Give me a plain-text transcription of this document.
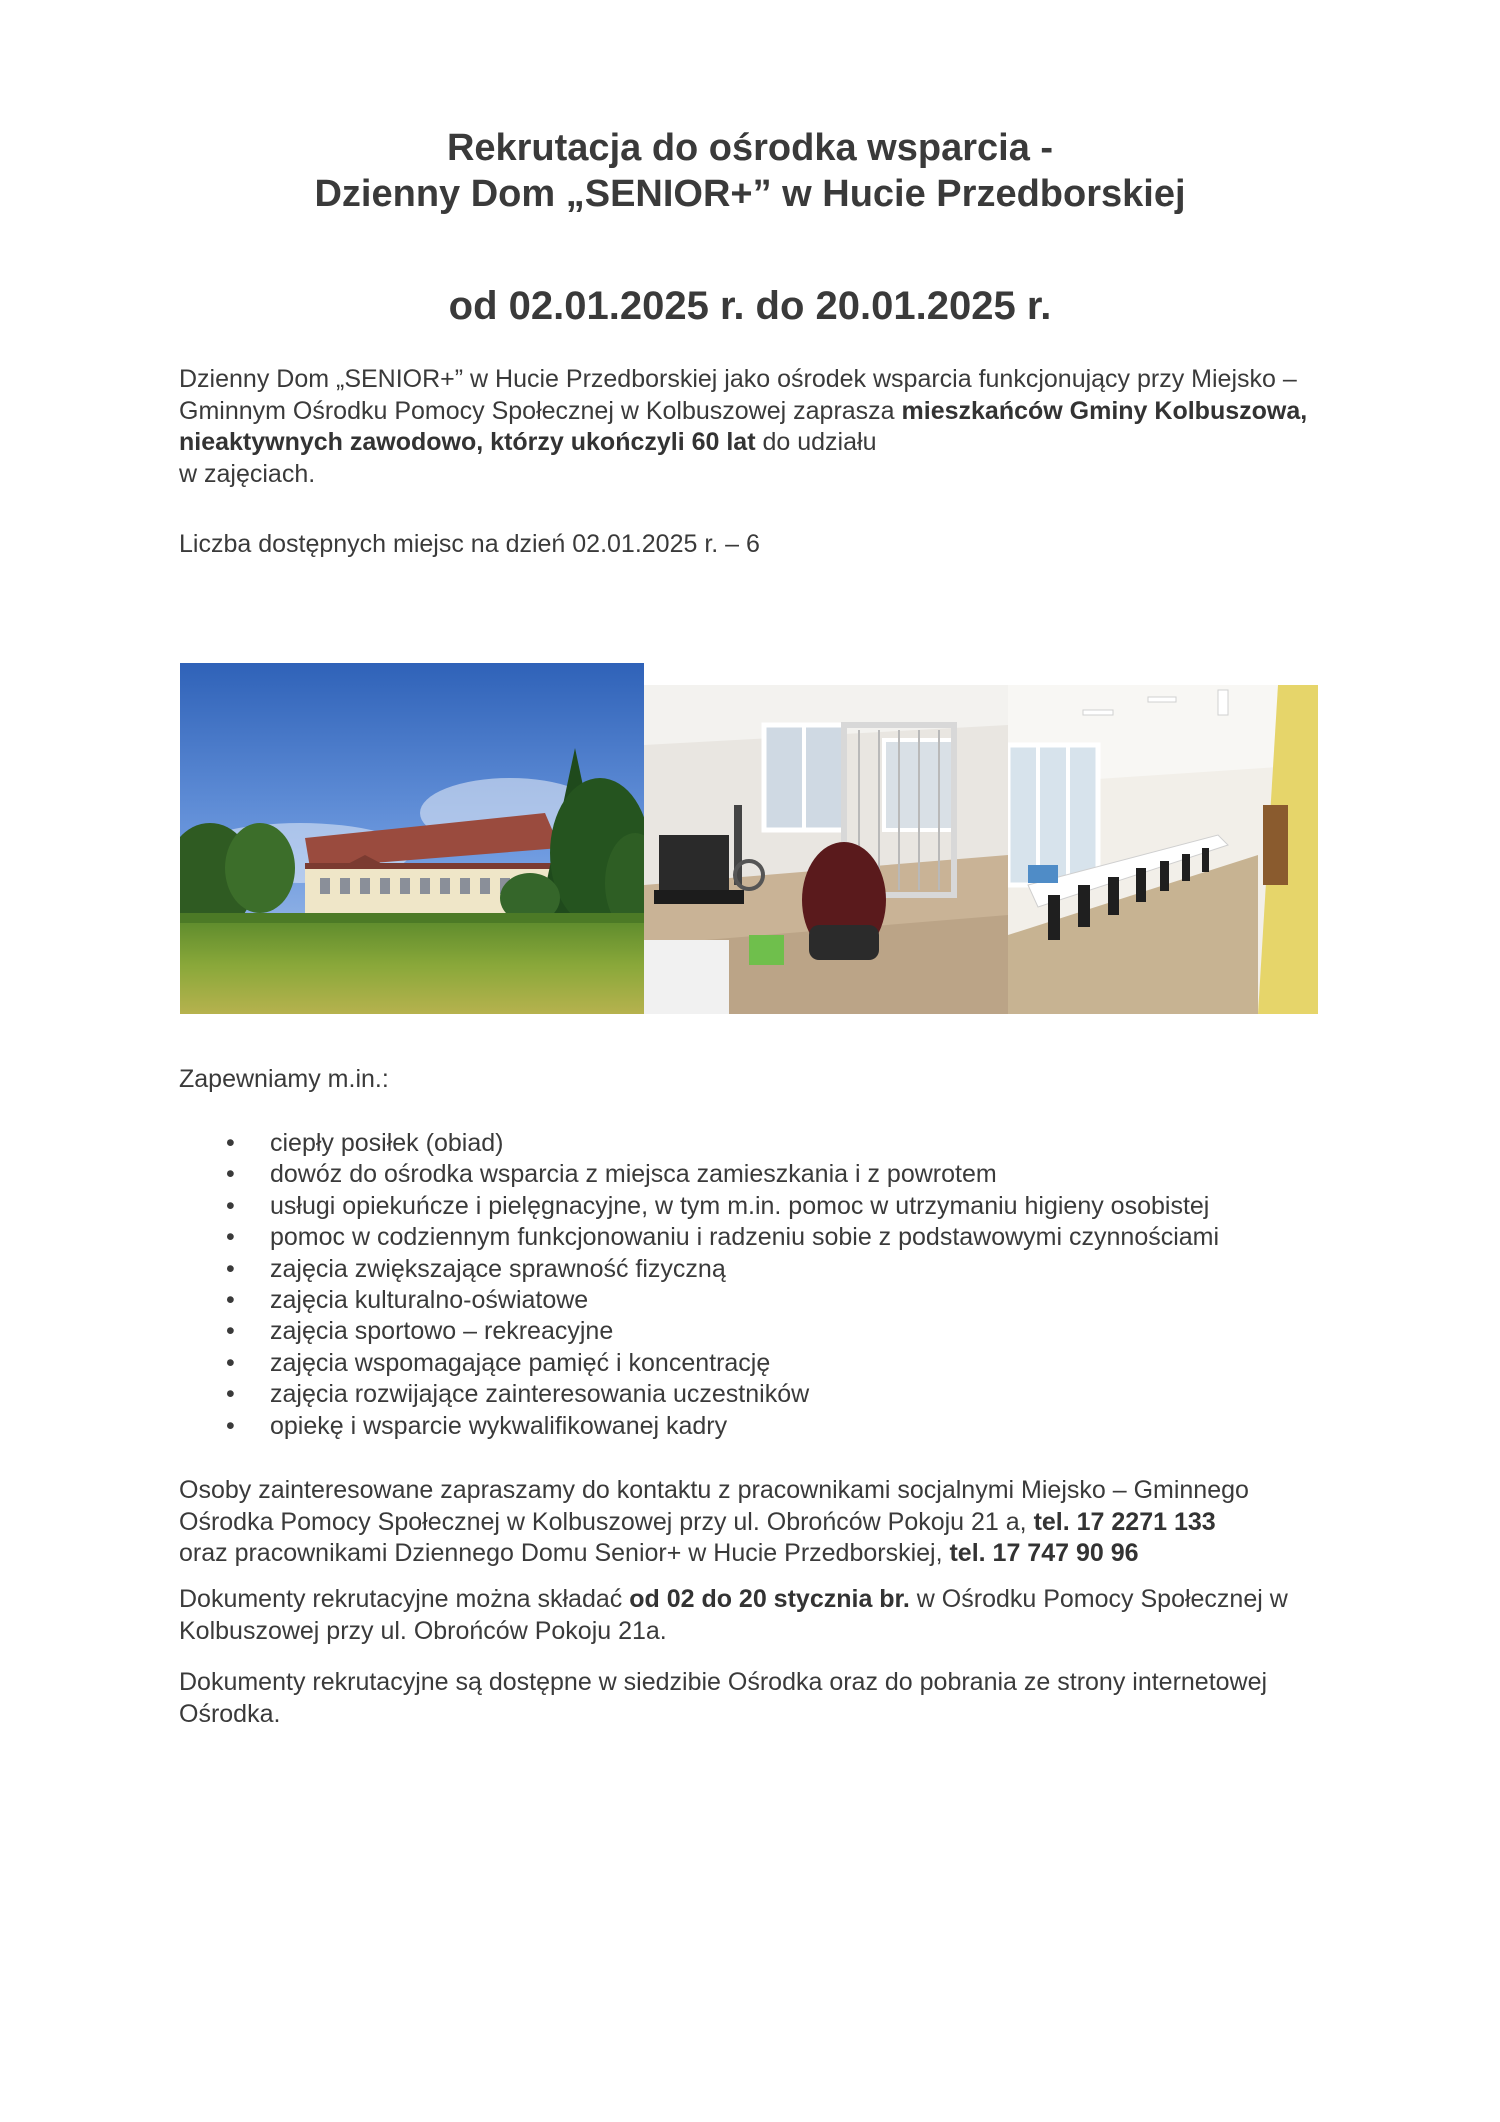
Rekrutacja do ośrodka wsparcia -
Dzienny Dom „SENIOR+” w Hucie Przedborskiej
od 02.01.2025 r. do 20.01.2025 r.
Dzienny Dom „SENIOR+” w Hucie Przedborskiej jako ośrodek wsparcia funkcjonujący przy Miejsko – Gminnym Ośrodku Pomocy Społecznej w Kolbuszowej zaprasza mieszkańców Gminy Kolbuszowa, nieaktywnych zawodowo, którzy ukończyli 60 lat do udziału
w zajęciach.
Liczba dostępnych miejsc na dzień 02.01.2025 r. – 6
Zapewniamy m.in.:
• ciepły posiłek (obiad)
• dowóz do ośrodka wsparcia z miejsca zamieszkania i z powrotem
• usługi opiekuńcze i pielęgnacyjne, w tym m.in. pomoc w utrzymaniu higieny osobistej
• pomoc w codziennym funkcjonowaniu i radzeniu sobie z podstawowymi czynnościami
• zajęcia zwiększające sprawność fizyczną
• zajęcia kulturalno-oświatowe
• zajęcia sportowo – rekreacyjne
• zajęcia wspomagające pamięć i koncentrację
• zajęcia rozwijające zainteresowania uczestników
• opiekę i wsparcie wykwalifikowanej kadry
Osoby zainteresowane zapraszamy do kontaktu z pracownikami socjalnymi Miejsko – Gminnego Ośrodka Pomocy Społecznej w Kolbuszowej przy ul. Obrońców Pokoju 21 a, tel. 17 2271 133
oraz pracownikami Dziennego Domu Senior+ w Hucie Przedborskiej, tel. 17 747 90 96
Dokumenty rekrutacyjne można składać od 02 do 20 stycznia br. w Ośrodku Pomocy Społecznej w Kolbuszowej przy ul. Obrońców Pokoju 21a.
Dokumenty rekrutacyjne są dostępne w siedzibie Ośrodka oraz do pobrania ze strony internetowej Ośrodka.
